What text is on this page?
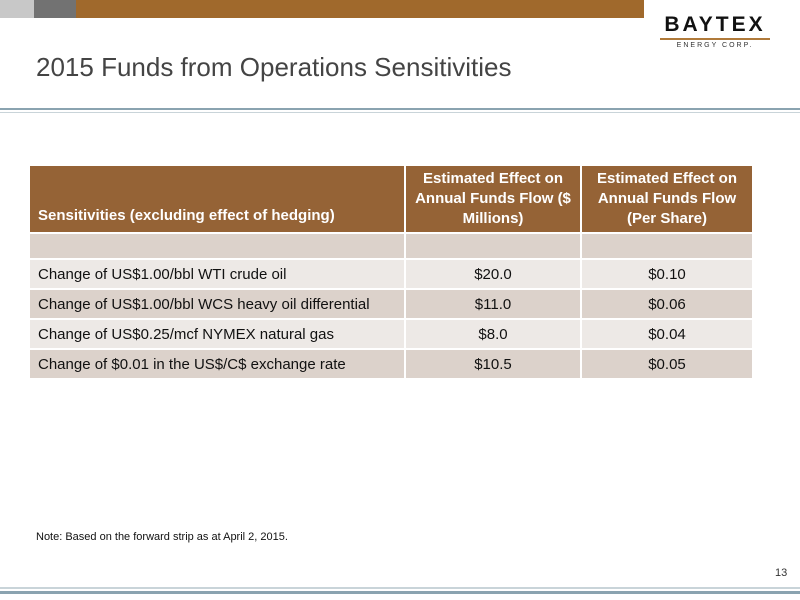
BAYTEX
ENERGY CORP.
2015 Funds from Operations Sensitivities
Sensitivities (excluding effect of hedging)	Estimated Effect on Annual Funds Flow ($ Millions)	Estimated Effect on Annual Funds Flow (Per Share)

Change of US$1.00/bbl WTI crude oil	$20.0	$0.10
Change of US$1.00/bbl WCS heavy oil differential	$11.0	$0.06
Change of US$0.25/mcf NYMEX natural gas	$8.0	$0.04
Change of $0.01 in the US$/C$ exchange rate	$10.5	$0.05
Note: Based on the forward strip as at April 2, 2015.
13
